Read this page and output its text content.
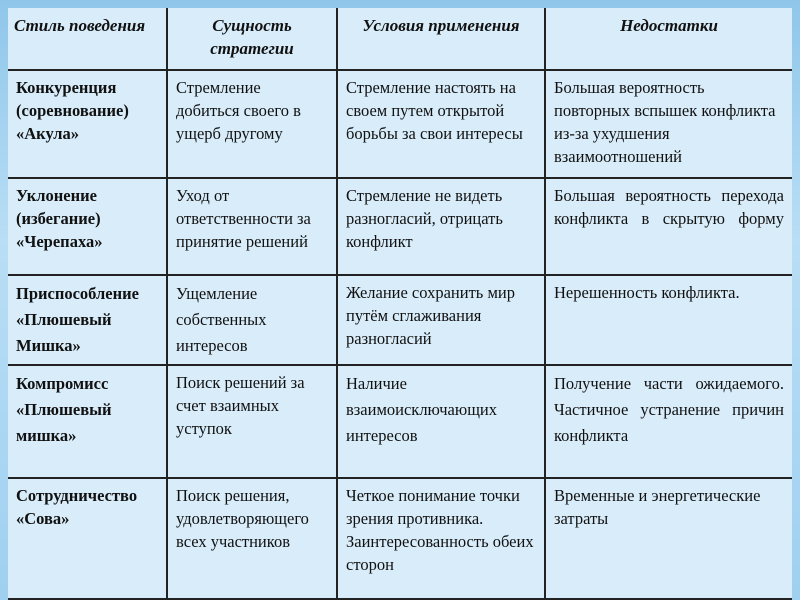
Стиль поведения	Сущность стратегии	Условия применения	Недостатки
Конкуренция (соревнование) «Акула»	Стремление добиться своего в ущерб другому	Стремление настоять на своем путем открытой борьбы за свои интересы	Большая вероятность повторных вспышек конфликта из-за ухудшения взаимоотношений
Уклонение (избегание) «Черепаха»	Уход от ответственности за принятие решений	Стремление не видеть разногласий, отрицать конфликт	Большая вероятность перехода конфликта в скрытую форму
Приспособление «Плюшевый Мишка»	Ущемление собственных интересов	Желание сохранить мир путём сглаживания разногласий	Нерешенность конфликта.
Компромисс «Плюшевый мишка»	Поиск решений за счет взаимных уступок	Наличие взаимоисключающих интересов	Получение части ожидаемого. Частичное устранение причин конфликта
Сотрудничество «Сова»	Поиск решения, удовлетворяющего всех участников	Четкое понимание точки зрения противника. Заинтересованность обеих сторон	Временные и энергетические затраты
